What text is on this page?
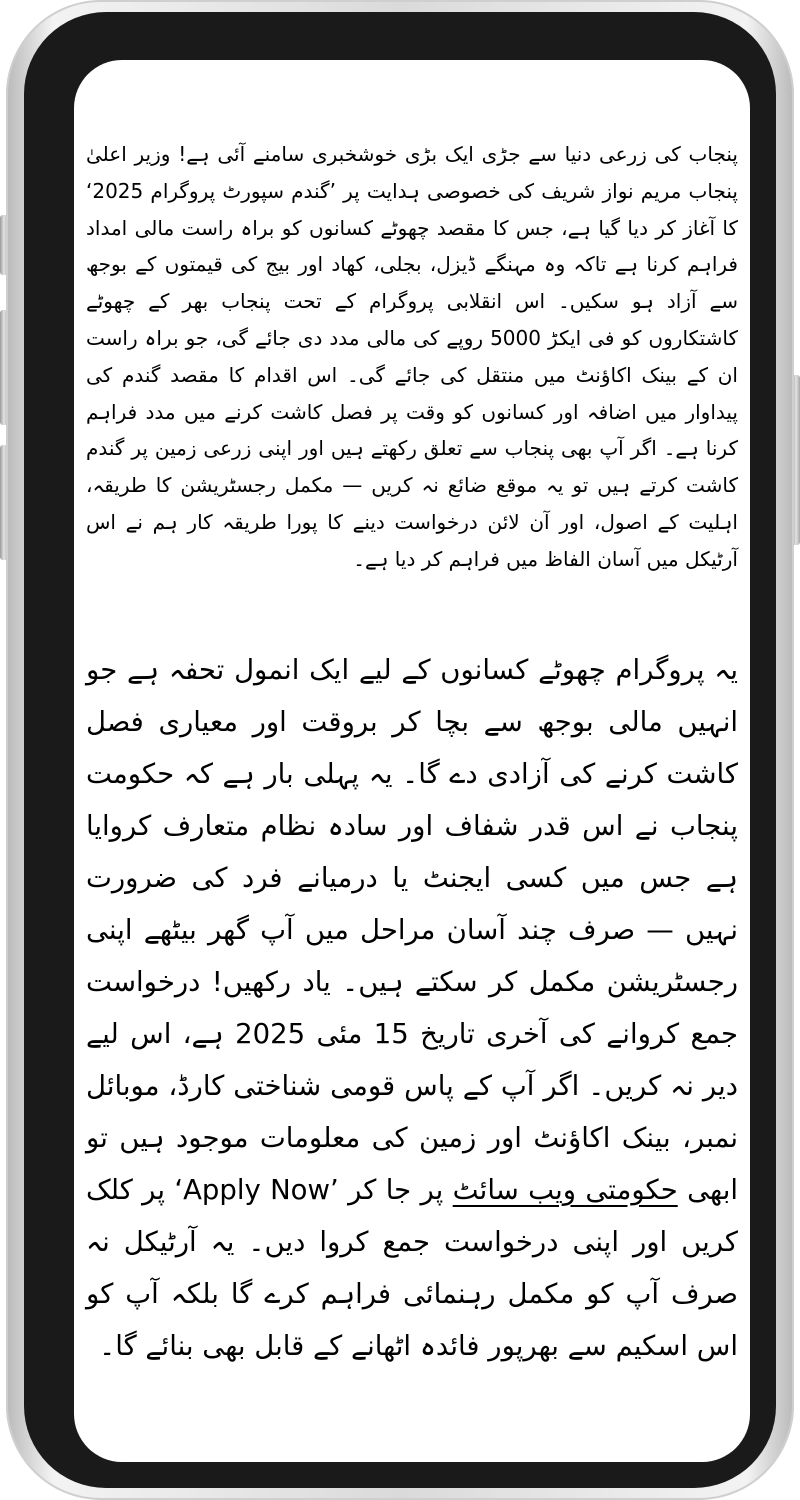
پنجاب کی زرعی دنیا سے جڑی ایک بڑی خوشخبری سامنے آئی ہے! وزیر اعلیٰ پنجاب مریم نواز شریف کی خصوصی ہدایت پر ’گندم سپورٹ پروگرام 2025‘ کا آغاز کر دیا گیا ہے، جس کا مقصد چھوٹے کسانوں کو براہ راست مالی امداد فراہم کرنا ہے تاکہ وہ مہنگے ڈیزل، بجلی، کھاد اور بیج کی قیمتوں کے بوجھ سے آزاد ہو سکیں۔ اس انقلابی پروگرام کے تحت پنجاب بھر کے چھوٹے کاشتکاروں کو فی ایکڑ 5000 روپے کی مالی مدد دی جائے گی، جو براہ راست ان کے بینک اکاؤنٹ میں منتقل کی جائے گی۔ اس اقدام کا مقصد گندم کی پیداوار میں اضافہ اور کسانوں کو وقت پر فصل کاشت کرنے میں مدد فراہم کرنا ہے۔ اگر آپ بھی پنجاب سے تعلق رکھتے ہیں اور اپنی زرعی زمین پر گندم کاشت کرتے ہیں تو یہ موقع ضائع نہ کریں — مکمل رجسٹریشن کا طریقہ، اہلیت کے اصول، اور آن لائن درخواست دینے کا پورا طریقہ کار ہم نے اس آرٹیکل میں آسان الفاظ میں فراہم کر دیا ہے۔

یہ پروگرام چھوٹے کسانوں کے لیے ایک انمول تحفہ ہے جو انہیں مالی بوجھ سے بچا کر بروقت اور معیاری فصل کاشت کرنے کی آزادی دے گا۔ یہ پہلی بار ہے کہ حکومت پنجاب نے اس قدر شفاف اور سادہ نظام متعارف کروایا ہے جس میں کسی ایجنٹ یا درمیانے فرد کی ضرورت نہیں — صرف چند آسان مراحل میں آپ گھر بیٹھے اپنی رجسٹریشن مکمل کر سکتے ہیں۔ یاد رکھیں! درخواست جمع کروانے کی آخری تاریخ 15 مئی 2025 ہے، اس لیے دیر نہ کریں۔ اگر آپ کے پاس قومی شناختی کارڈ، موبائل نمبر، بینک اکاؤنٹ اور زمین کی معلومات موجود ہیں تو ابھی حکومتی ویب سائٹ پر جا کر ’Apply Now‘ پر کلک کریں اور اپنی درخواست جمع کروا دیں۔ یہ آرٹیکل نہ صرف آپ کو مکمل رہنمائی فراہم کرے گا بلکہ آپ کو اس اسکیم سے بھرپور فائدہ اٹھانے کے قابل بھی بنائے گا۔
